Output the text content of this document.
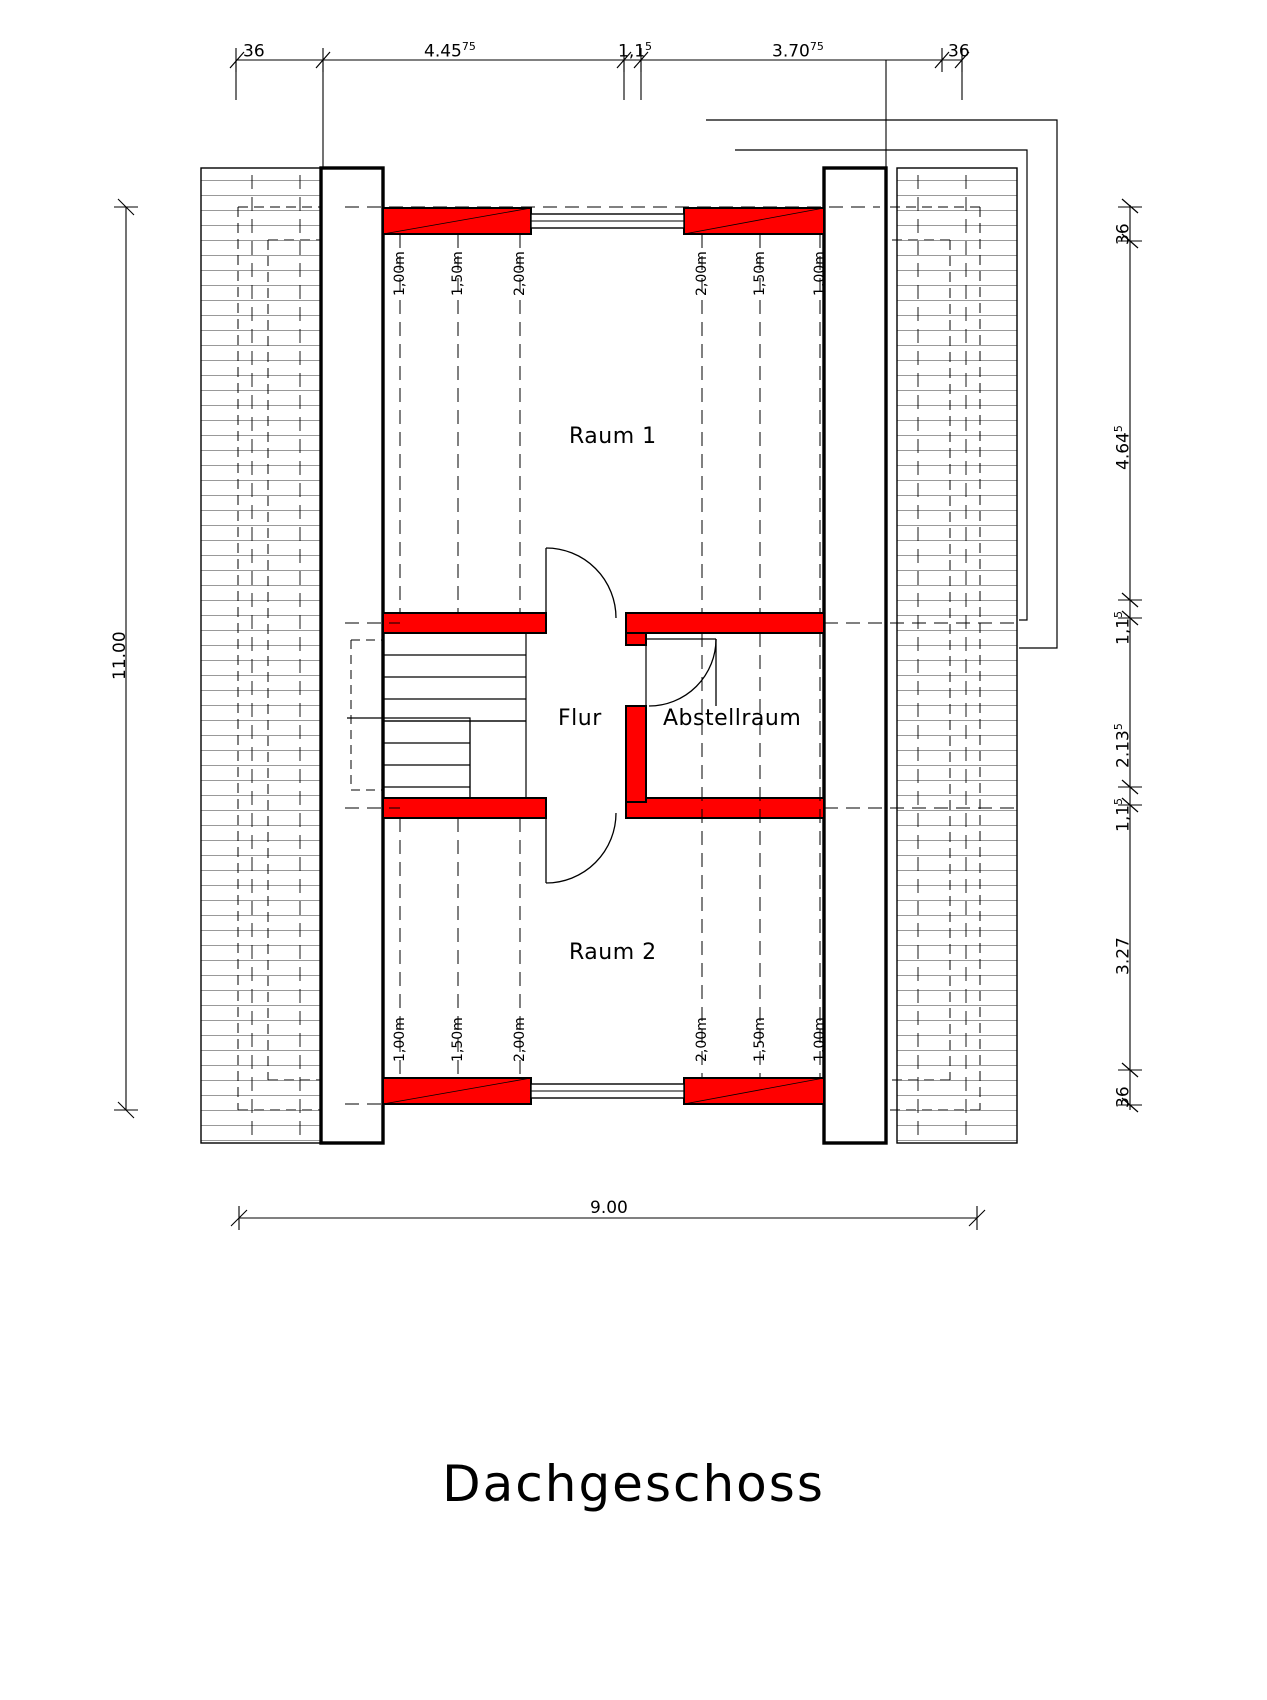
36	4.45$^{75}$	$1,1^5$	3.70$^{75}$	36
36
4.64$^5$
$1,1^5$
2.13$^5$
$1,1^5$
3.27
36
11.00
9.00
Raum 1
Flur	Abstellraum
Raum 2
1,00m	1,50m	2,00m	2,00m	1,50m	1,00m
1,00m	1,50m	2,00m	2,00m	1,50m	1,00m
Dachgeschoss
